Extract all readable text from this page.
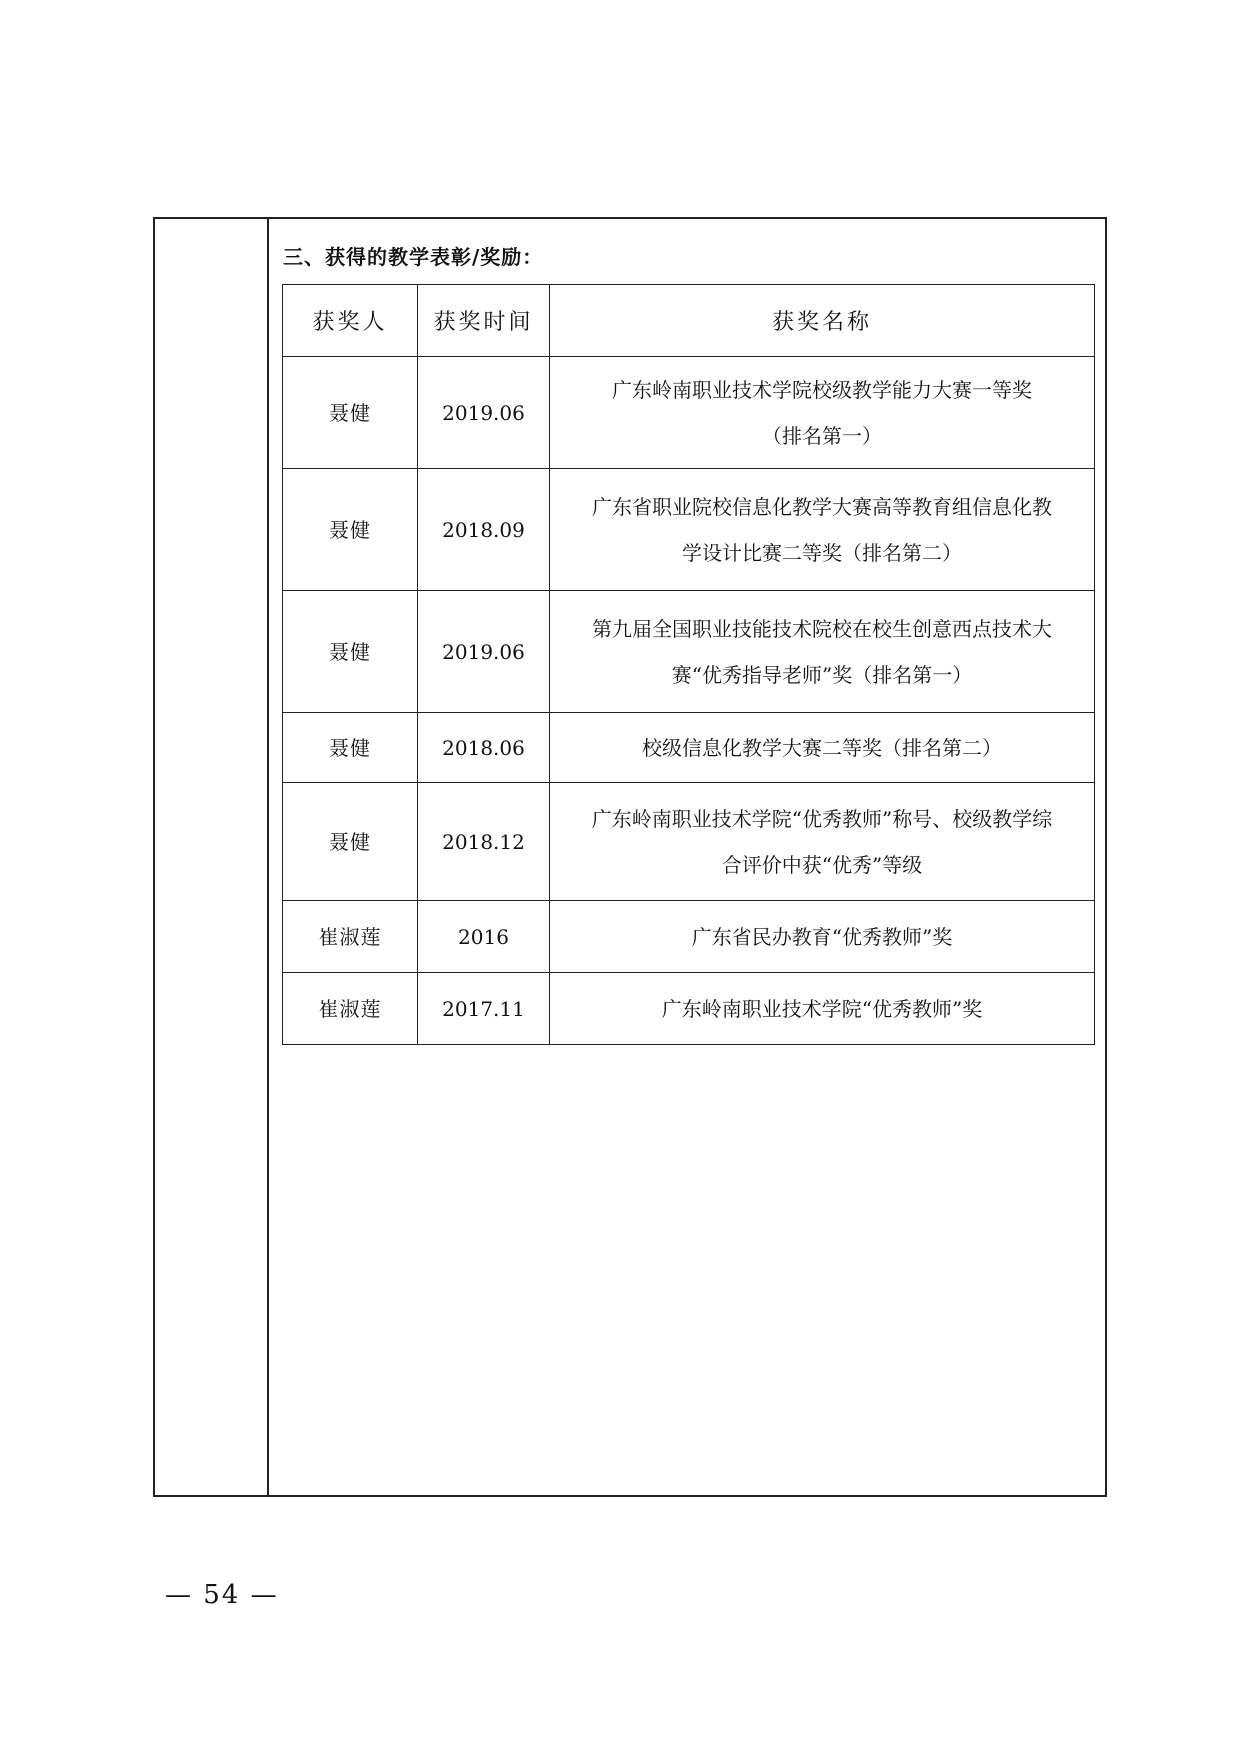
三、获得的教学表彰/奖励：
获奖人	获奖时间	获奖名称
聂健	2019.06	广东岭南职业技术学院校级教学能力大赛一等奖
（排名第一）

聂健	2018.09	广东省职业院校信息化教学大赛高等教育组信息化教
学设计比赛二等奖（排名第二）

聂健	2019.06	第九届全国职业技能技术院校在校生创意西点技术大
赛“优秀指导老师”奖（排名第一）

聂健	2018.06	校级信息化教学大赛二等奖（排名第二）
聂健	2018.12	广东岭南职业技术学院“优秀教师”称号、校级教学综
合评价中获“优秀”等级

崔淑莲	2016	广东省民办教育“优秀教师”奖
崔淑莲	2017.11	广东岭南职业技术学院“优秀教师”奖
— 54 —
